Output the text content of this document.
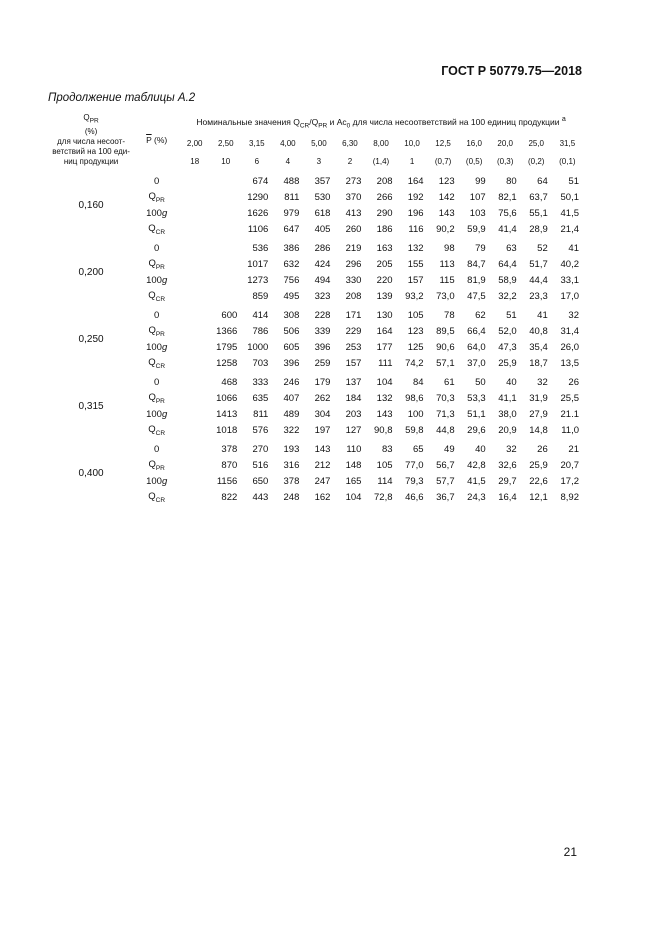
ГОСТ Р 50779.75—2018
Продолжение таблицы А.2
$Q_{PR}$
(%)
для числа несоот-
ветствий на 100 еди-
ниц продукции	$\overline{P}$ (%)	Номинальные значения $Q_{CR}/Q_{PR}$ и $Ac_0$ для числа несоответствий на 100 единиц продукции $^a$
		2,00	2,50	3,15	4,00	5,00	6,30	8,00	10,0	12,5	16,0	20,0	25,0	31,5
		18	10	6	4	3	2	(1,4)	1	(0,7)	(0,5)	(0,3)	(0,2)	(0,1)
0,160	0			674	488	357	273	208	164	123	99	80	64	51
	$Q_{PR}$			1290	811	530	370	266	192	142	107	82,1	63,7	50,1
	100g			1626	979	618	413	290	196	143	103	75,6	55,1	41,5
	$Q_{CR}$			1106	647	405	260	186	116	90,2	59,9	41,4	28,9	21,4
0,200	0			536	386	286	219	163	132	98	79	63	52	41
	$Q_{PR}$			1017	632	424	296	205	155	113	84,7	64,4	51,7	40,2
	100g			1273	756	494	330	220	157	115	81,9	58,9	44,4	33,1
	$Q_{CR}$			859	495	323	208	139	93,2	73,0	47,5	32,2	23,3	17,0
0,250	0		600	414	308	228	171	130	105	78	62	51	41	32
	$Q_{PR}$		1366	786	506	339	229	164	123	89,5	66,4	52,0	40,8	31,4
	100g		1795	1000	605	396	253	177	125	90,6	64,0	47,3	35,4	26,0
	$Q_{CR}$		1258	703	396	259	157	111	74,2	57,1	37,0	25,9	18,7	13,5
0,315	0		468	333	246	179	137	104	84	61	50	40	32	26
	$Q_{PR}$		1066	635	407	262	184	132	98,6	70,3	53,3	41,1	31,9	25,5
	100g		1413	811	489	304	203	143	100	71,3	51,1	38,0	27,9	21.1
	$Q_{CR}$		1018	576	322	197	127	90,8	59,8	44,8	29,6	20,9	14,8	11,0
0,400	0		378	270	193	143	110	83	65	49	40	32	26	21
	$Q_{PR}$		870	516	316	212	148	105	77,0	56,7	42,8	32,6	25,9	20,7
	100g		1156	650	378	247	165	114	79,3	57,7	41,5	29,7	22,6	17,2
	$Q_{CR}$		822	443	248	162	104	72,8	46,6	36,7	24,3	16,4	12,1	8,92
21
